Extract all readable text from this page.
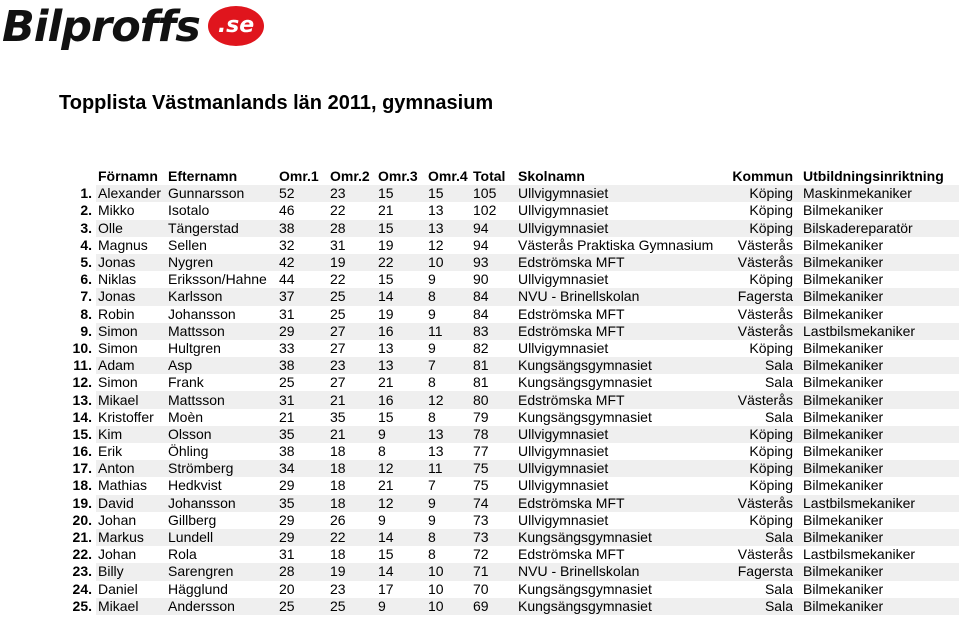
Bilproffs .se
Topplista Västmanlands län 2011, gymnasium
	Förnamn	Efternamn	Omr.1	Omr.2	Omr.3	Omr.4	Total	Skolnamn	Kommun	Utbildningsinriktning
1.	Alexander	Gunnarsson	52	23	15	15	105	Ullvigymnasiet	Köping	Maskinmekaniker
2.	Mikko	Isotalo	46	22	21	13	102	Ullvigymnasiet	Köping	Bilmekaniker
3.	Olle	Tängerstad	38	28	15	13	94	Ullvigymnasiet	Köping	Bilskadereparatör
4.	Magnus	Sellen	32	31	19	12	94	Västerås Praktiska Gymnasium	Västerås	Bilmekaniker
5.	Jonas	Nygren	42	19	22	10	93	Edströmska MFT	Västerås	Bilmekaniker
6.	Niklas	Eriksson/Hahne	44	22	15	9	90	Ullvigymnasiet	Köping	Bilmekaniker
7.	Jonas	Karlsson	37	25	14	8	84	NVU - Brinellskolan	Fagersta	Bilmekaniker
8.	Robin	Johansson	31	25	19	9	84	Edströmska MFT	Västerås	Bilmekaniker
9.	Simon	Mattsson	29	27	16	11	83	Edströmska MFT	Västerås	Lastbilsmekaniker
10.	Simon	Hultgren	33	27	13	9	82	Ullvigymnasiet	Köping	Bilmekaniker
11.	Adam	Asp	38	23	13	7	81	Kungsängsgymnasiet	Sala	Bilmekaniker
12.	Simon	Frank	25	27	21	8	81	Kungsängsgymnasiet	Sala	Bilmekaniker
13.	Mikael	Mattsson	31	21	16	12	80	Edströmska MFT	Västerås	Bilmekaniker
14.	Kristoffer	Moèn	21	35	15	8	79	Kungsängsgymnasiet	Sala	Bilmekaniker
15.	Kim	Olsson	35	21	9	13	78	Ullvigymnasiet	Köping	Bilmekaniker
16.	Erik	Öhling	38	18	8	13	77	Ullvigymnasiet	Köping	Bilmekaniker
17.	Anton	Strömberg	34	18	12	11	75	Ullvigymnasiet	Köping	Bilmekaniker
18.	Mathias	Hedkvist	29	18	21	7	75	Ullvigymnasiet	Köping	Bilmekaniker
19.	David	Johansson	35	18	12	9	74	Edströmska MFT	Västerås	Lastbilsmekaniker
20.	Johan	Gillberg	29	26	9	9	73	Ullvigymnasiet	Köping	Bilmekaniker
21.	Markus	Lundell	29	22	14	8	73	Kungsängsgymnasiet	Sala	Bilmekaniker
22.	Johan	Rola	31	18	15	8	72	Edströmska MFT	Västerås	Lastbilsmekaniker
23.	Billy	Sarengren	28	19	14	10	71	NVU - Brinellskolan	Fagersta	Bilmekaniker
24.	Daniel	Hägglund	20	23	17	10	70	Kungsängsgymnasiet	Sala	Bilmekaniker
25.	Mikael	Andersson	25	25	9	10	69	Kungsängsgymnasiet	Sala	Bilmekaniker
